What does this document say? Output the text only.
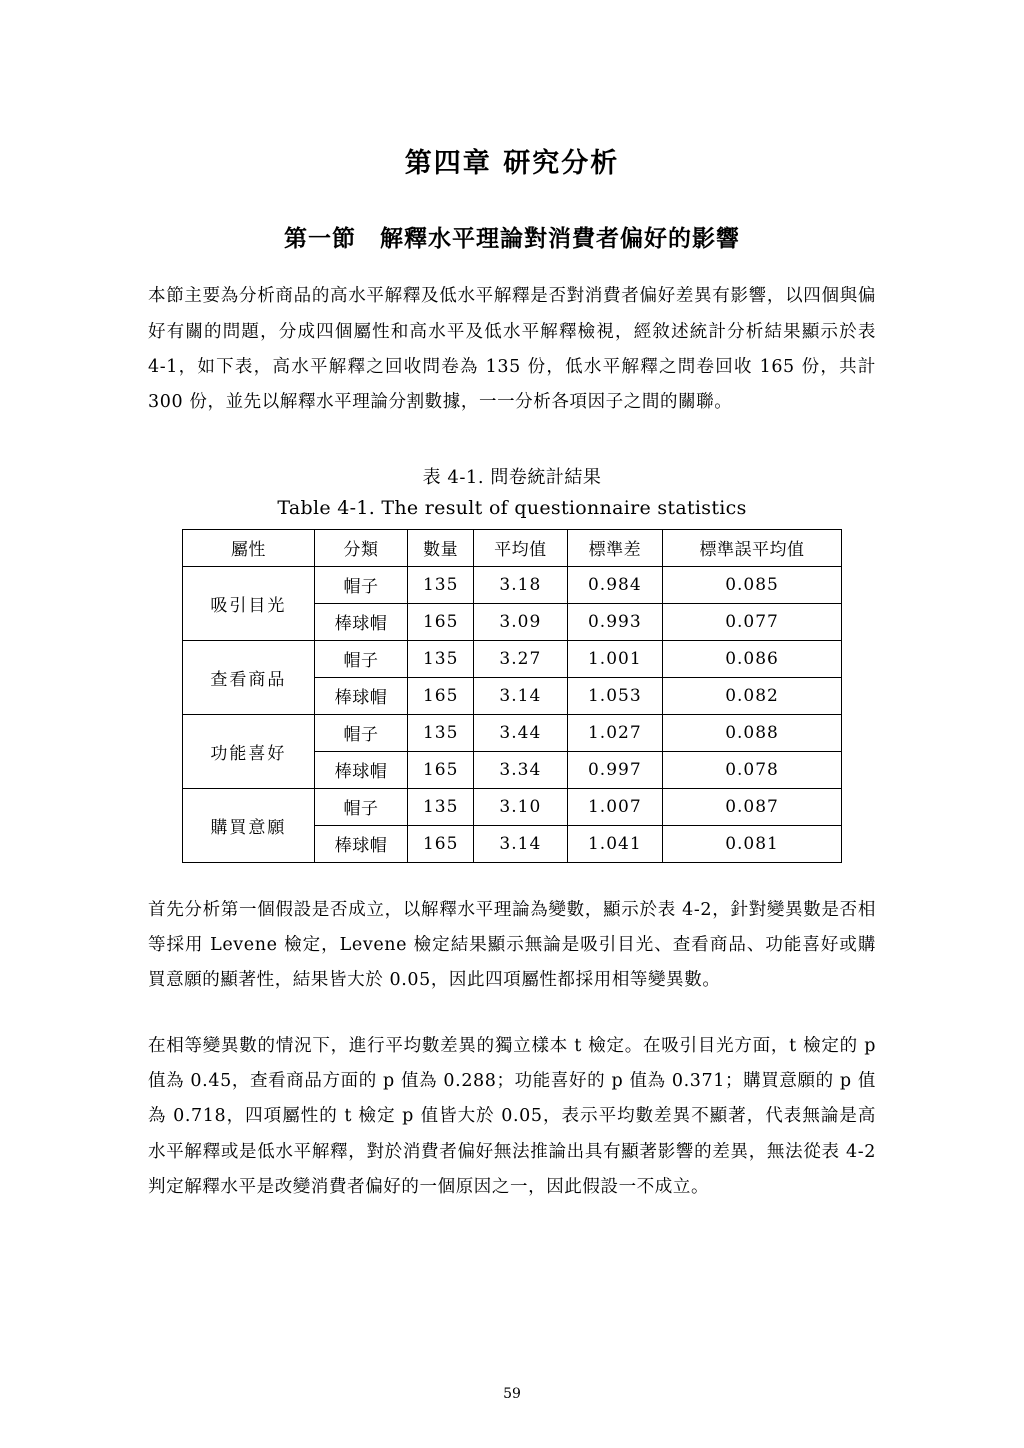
第四章 研究分析
第一節　解釋水平理論對消費者偏好的影響
本節主要為分析商品的高水平解釋及低水平解釋是否對消費者偏好差異有影響，以四個與偏好有關的問題，分成四個屬性和高水平及低水平解釋檢視，經敘述統計分析結果顯示於表 4-1，如下表，高水平解釋之回收問卷為 135 份，低水平解釋之問卷回收 165 份，共計 300 份，並先以解釋水平理論分割數據，一一分析各項因子之間的關聯。
表 4-1. 問卷統計結果
Table 4-1. The result of questionnaire statistics
屬性	分類	數量	平均值	標準差	標準誤平均值
吸引目光	帽子	135	3.18	0.984	0.085
	棒球帽	165	3.09	0.993	0.077
查看商品	帽子	135	3.27	1.001	0.086
	棒球帽	165	3.14	1.053	0.082
功能喜好	帽子	135	3.44	1.027	0.088
	棒球帽	165	3.34	0.997	0.078
購買意願	帽子	135	3.10	1.007	0.087
	棒球帽	165	3.14	1.041	0.081
首先分析第一個假設是否成立，以解釋水平理論為變數，顯示於表 4-2，針對變異數是否相等採用 Levene 檢定，Levene 檢定結果顯示無論是吸引目光、查看商品、功能喜好或購買意願的顯著性，結果皆大於 0.05，因此四項屬性都採用相等變異數。
在相等變異數的情況下，進行平均數差異的獨立樣本 t 檢定。在吸引目光方面，t 檢定的 p 值為 0.45，查看商品方面的 p 值為 0.288；功能喜好的 p 值為 0.371；購買意願的 p 值為 0.718，四項屬性的 t 檢定 p 值皆大於 0.05，表示平均數差異不顯著，代表無論是高水平解釋或是低水平解釋，對於消費者偏好無法推論出具有顯著影響的差異，無法從表 4-2 判定解釋水平是改變消費者偏好的一個原因之一，因此假設一不成立。
59
